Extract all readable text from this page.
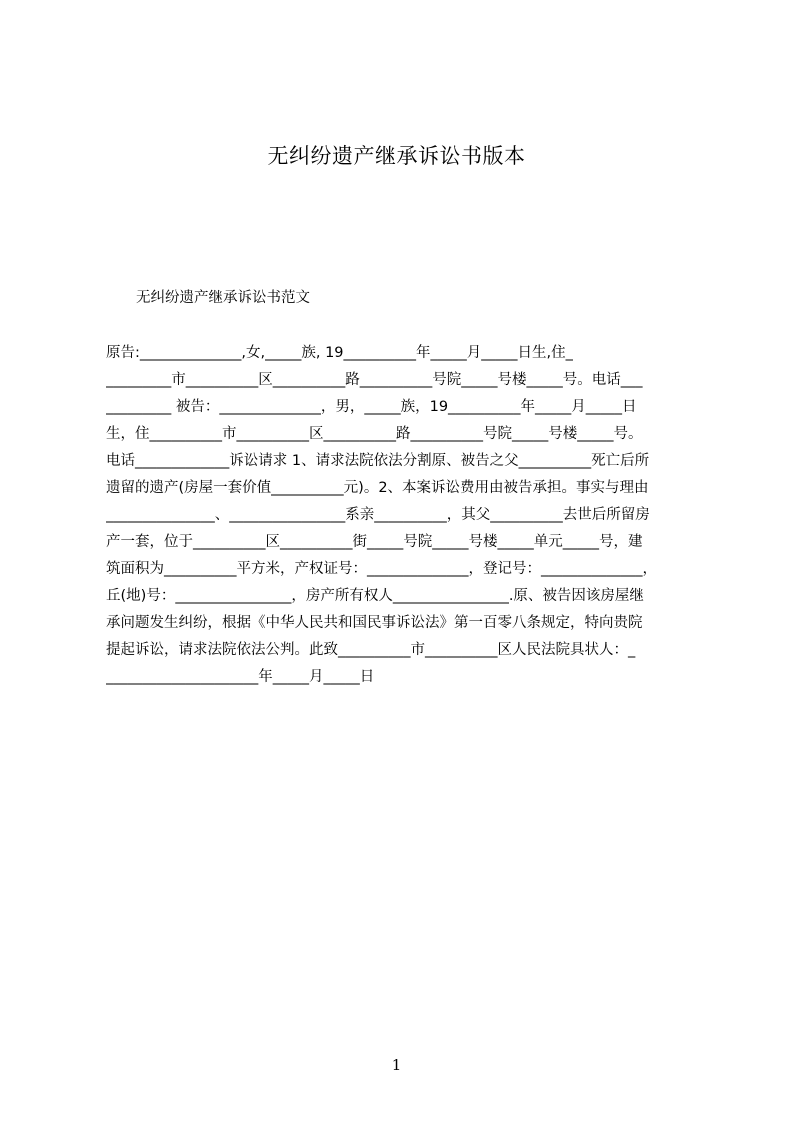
无纠纷遗产继承诉讼书版本
无纠纷遗产继承诉讼书范文
原告:______________,女,_____族, 19__________年_____月_____日生,住_
_________市__________区__________路__________号院_____号楼_____号。电话___
_________ 被告：______________，男，_____族，19__________年_____月_____日
生，住__________市__________区__________路__________号院_____号楼_____号。
电话_____________诉讼请求 1、请求法院依法分割原、被告之父__________死亡后所
遗留的遗产(房屋一套价值__________元)。2、本案诉讼费用由被告承担。事实与理由
_______________、________________系亲__________，其父__________去世后所留房
产一套，位于__________区__________街_____号院_____号楼_____单元_____号，建
筑面积为__________平方米，产权证号：______________，登记号：______________，
丘(地)号：________________，房产所有权人________________.原、被告因该房屋继
承问题发生纠纷，根据《中华人民共和国民事诉讼法》第一百零八条规定，特向贵院
提起诉讼，请求法院依法公判。此致__________市__________区人民法院具状人：_
_____________________年_____月_____日
1
